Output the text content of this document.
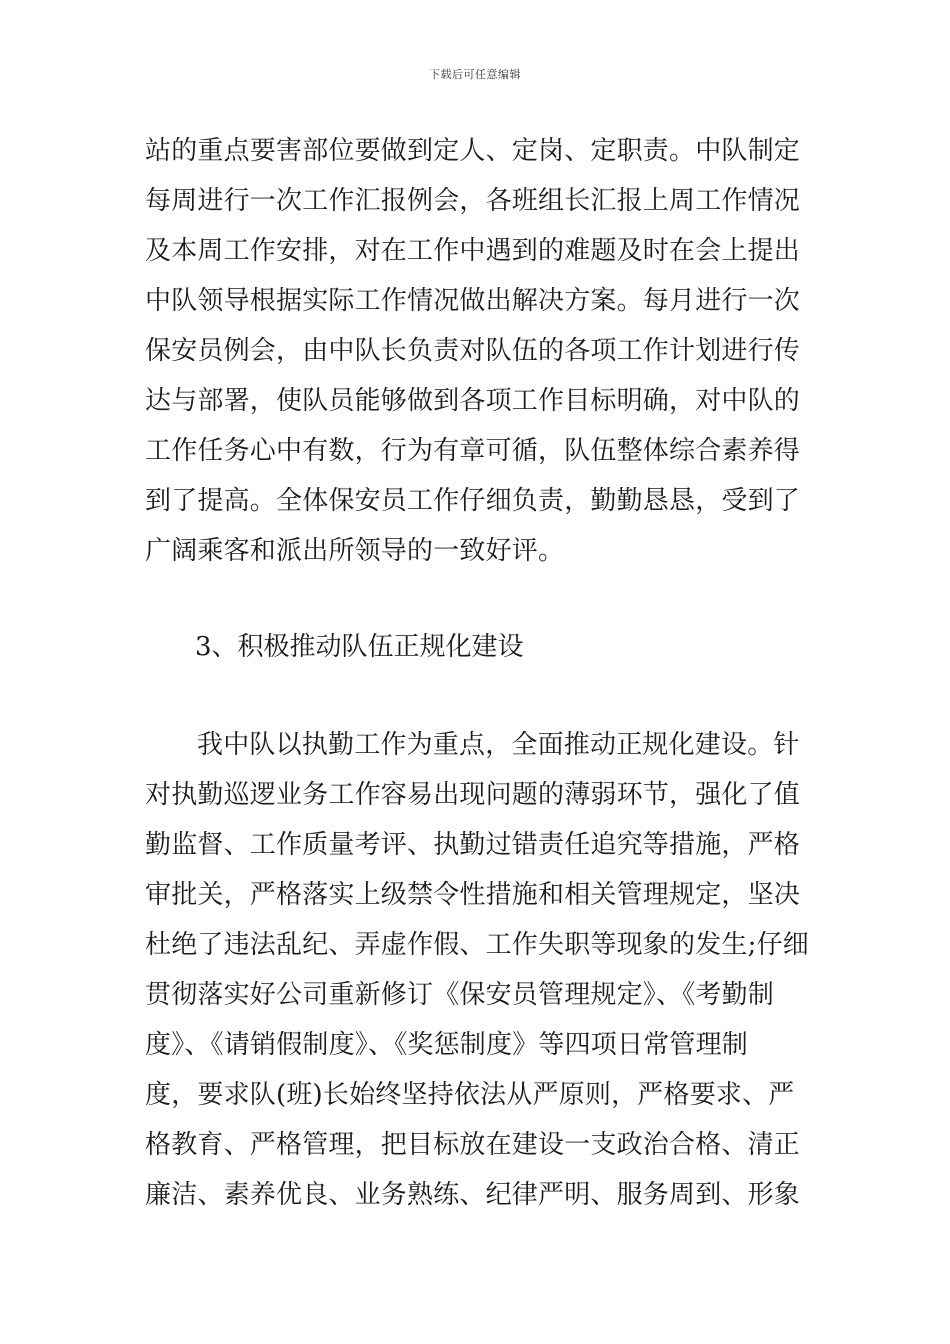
下载后可任意编辑
站的重点要害部位要做到定人、定岗、定职责。中队制定
每周进行一次工作汇报例会，各班组长汇报上周工作情况
及本周工作安排，对在工作中遇到的难题及时在会上提出
中队领导根据实际工作情况做出解决方案。每月进行一次
保安员例会，由中队长负责对队伍的各项工作计划进行传
达与部署，使队员能够做到各项工作目标明确，对中队的
工作任务心中有数，行为有章可循，队伍整体综合素养得
到了提高。全体保安员工作仔细负责，勤勤恳恳，受到了
广阔乘客和派出所领导的一致好评。
3、积极推动队伍正规化建设
我中队以执勤工作为重点，全面推动正规化建设。针
对执勤巡逻业务工作容易出现问题的薄弱环节，强化了值
勤监督、工作质量考评、执勤过错责任追究等措施，严格
审批关，严格落实上级禁令性措施和相关管理规定，坚决
杜绝了违法乱纪、弄虚作假、工作失职等现象的发生;仔细
贯彻落实好公司重新修订《保安员管理规定》、《考勤制
度》、《请销假制度》、《奖惩制度》等四项日常管理制
度，要求队(班)长始终坚持依法从严原则，严格要求、严
格教育、严格管理，把目标放在建设一支政治合格、清正
廉洁、素养优良、业务熟练、纪律严明、服务周到、形象
